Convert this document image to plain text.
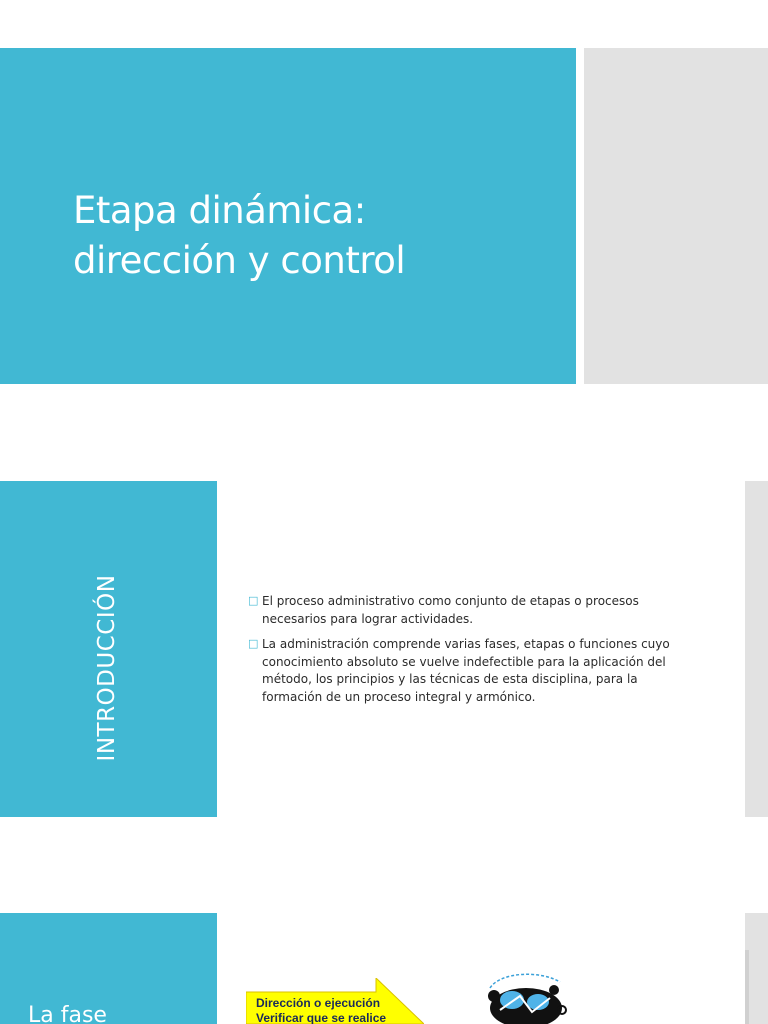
Etapa dinámica:
dirección y control
INTRODUCCIÓN	□ El proceso administrativo como conjunto de etapas o procesos necesarios para lograr actividades.
□ La administración comprende varias fases, etapas o funciones cuyo conocimiento absoluto se vuelve indefectible para la aplicación del método, los principios y las técnicas de esta disciplina, para la formación de un proceso integral y armónico.
La fase	Dirección o ejecución
Verificar que se realice
